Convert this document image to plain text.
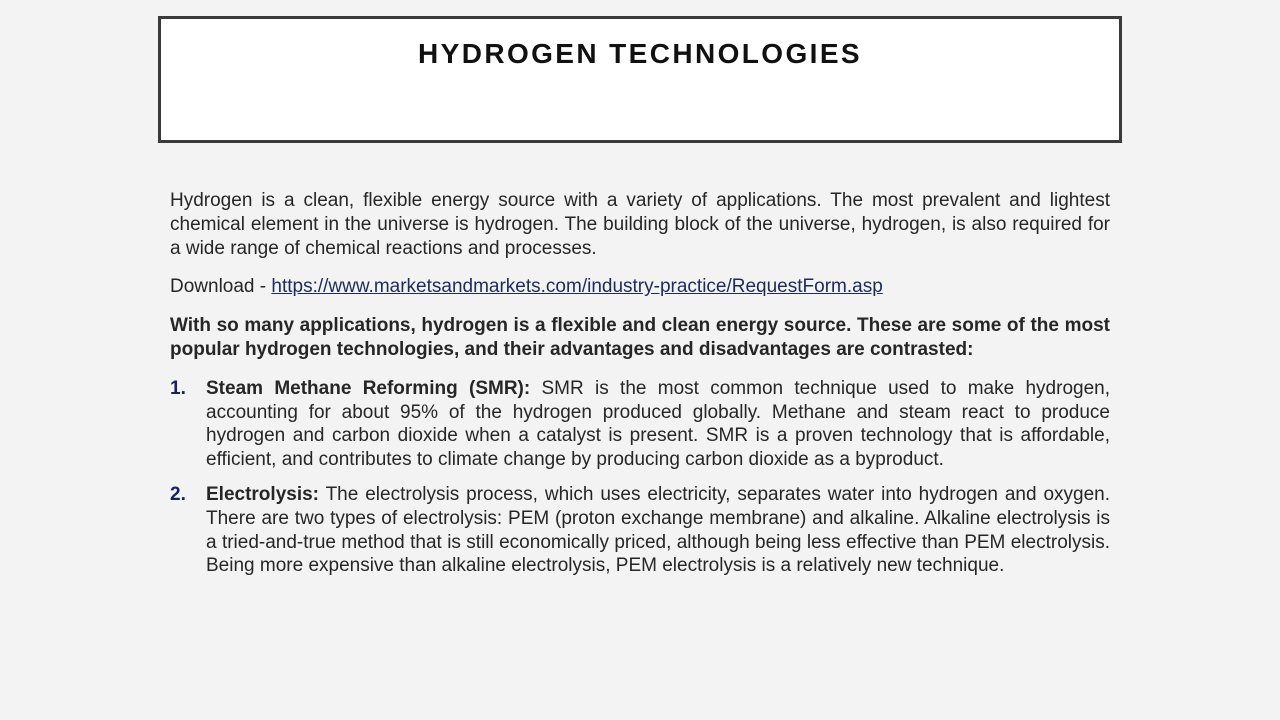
HYDROGEN TECHNOLOGIES

Hydrogen is a clean, flexible energy source with a variety of applications. The most prevalent and lightest chemical element in the universe is hydrogen. The building block of the universe, hydrogen, is also required for a wide range of chemical reactions and processes.

Download - https://www.marketsandmarkets.com/industry-practice/RequestForm.asp

With so many applications, hydrogen is a flexible and clean energy source. These are some of the most popular hydrogen technologies, and their advantages and disadvantages are contrasted:

1.	Steam Methane Reforming (SMR): SMR is the most common technique used to make hydrogen, accounting for about 95% of the hydrogen produced globally. Methane and steam react to produce hydrogen and carbon dioxide when a catalyst is present. SMR is a proven technology that is affordable, efficient, and contributes to climate change by producing carbon dioxide as a byproduct.
2.	Electrolysis: The electrolysis process, which uses electricity, separates water into hydrogen and oxygen. There are two types of electrolysis: PEM (proton exchange membrane) and alkaline. Alkaline electrolysis is a tried-and-true method that is still economically priced, although being less effective than PEM electrolysis. Being more expensive than alkaline electrolysis, PEM electrolysis is a relatively new technique.
